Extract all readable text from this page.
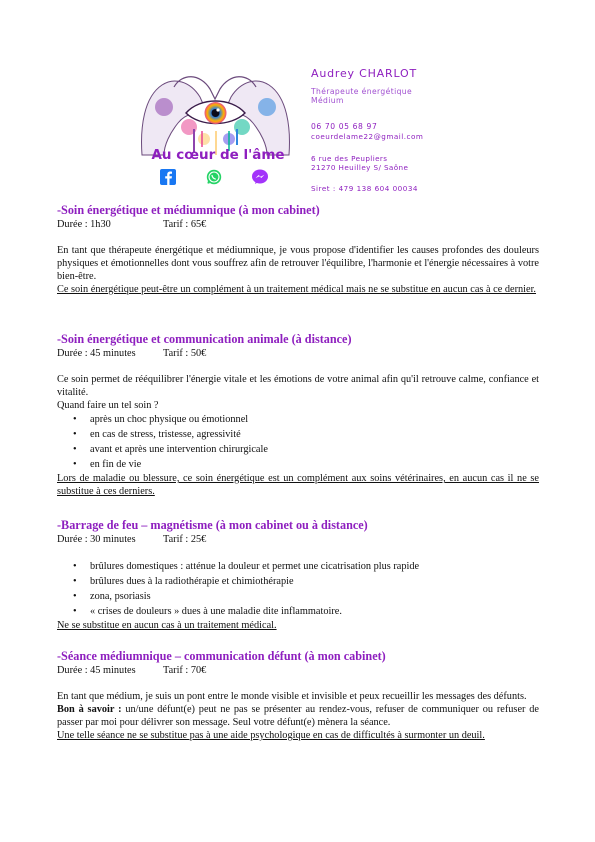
Au cœur de l'âme

Audrey CHARLOT

Thérapeute énergétique

Médium

06 70 05 68 97

coeurdelame22@gmail.com

6 rue des Peupliers

21270 Heuilley S/ Saône

Siret : 479 138 604 00034

-Soin énergétique et médiumnique (à mon cabinet)

Durée : 1h30	Tarif : 65€

En tant que thérapeute énergétique et médiumnique, je vous propose d'identifier les causes profondes des douleurs physiques et émotionnelles dont vous souffrez afin de retrouver l'équilibre, l'harmonie et l'énergie nécessaires à votre bien-être.

Ce soin énergétique peut-être un complément à un traitement médical mais ne se substitue en aucun cas à ce dernier.

-Soin énergétique et communication animale (à distance)

Durée : 45 minutes	Tarif : 50€

Ce soin permet de rééquilibrer l'énergie vitale et les émotions de votre animal afin qu'il retrouve calme, confiance et vitalité.

Quand faire un tel soin ?

• après un choc physique ou émotionnel
• en cas de stress, tristesse, agressivité
• avant et après une intervention chirurgicale
• en fin de vie

Lors de maladie ou blessure, ce soin énergétique est un complément aux soins vétérinaires, en aucun cas il ne se substitue à ces derniers.

-Barrage de feu – magnétisme (à mon cabinet ou à distance)

Durée : 30 minutes	Tarif : 25€

• brûlures domestiques : atténue la douleur et permet une cicatrisation plus rapide
• brûlures dues à la radiothérapie et chimiothérapie
• zona, psoriasis
• « crises de douleurs » dues à une maladie dite inflammatoire.

Ne se substitue en aucun cas à un traitement médical.

-Séance médiumnique – communication défunt (à mon cabinet)

Durée : 45 minutes	Tarif : 70€

En tant que médium, je suis un pont entre le monde visible et invisible et peux recueillir les messages des défunts.

Bon à savoir : un/une défunt(e) peut ne pas se présenter au rendez-vous, refuser de communiquer ou refuser de passer par moi pour délivrer son message. Seul votre défunt(e) mènera la séance.

Une telle séance ne se substitue pas à une aide psychologique en cas de difficultés à surmonter un deuil.
